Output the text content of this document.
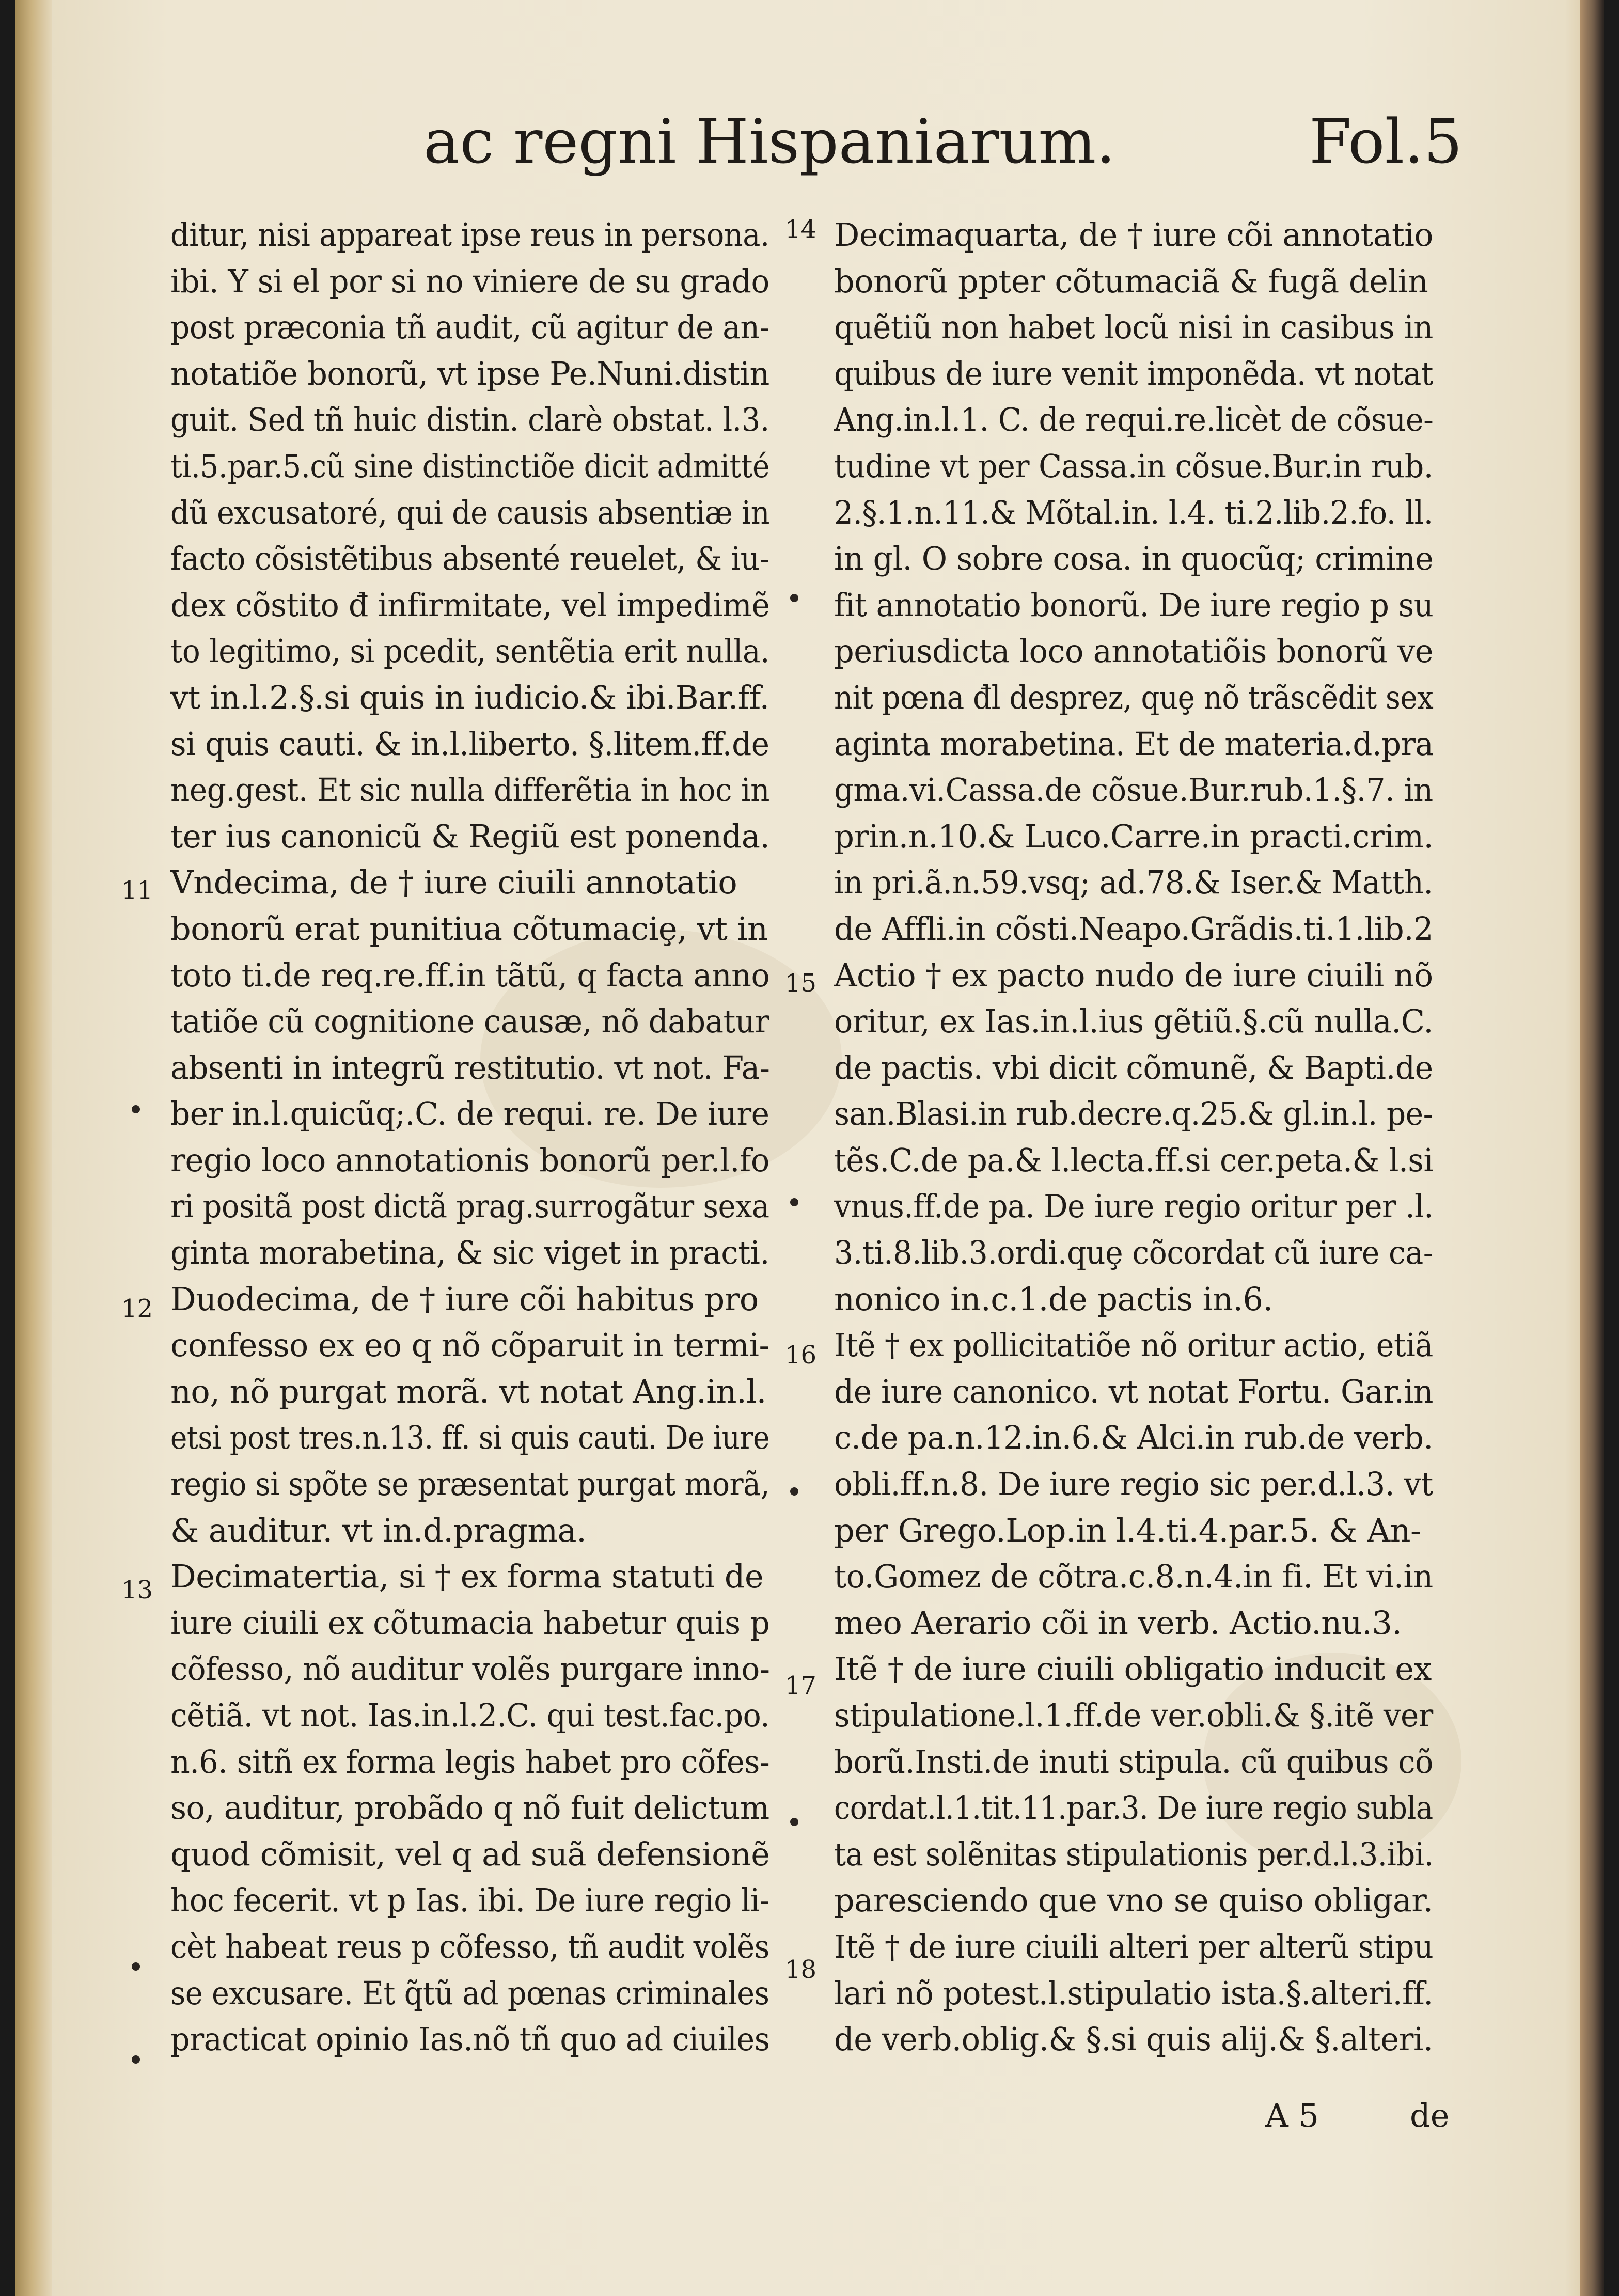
ac regni Hispaniarum.	Fol.5
ditur, nisi appareat ipse reus in persona.
ibi. Y si el por si no viniere de su grado
post præconia tñ audit, cũ agitur de an-
notatiõe bonorũ, vt ipse Pe.Nuni.distin
guit. Sed tñ huic distin. clarè obstat. l.3.
ti.5.par.5.cũ sine distinctiõe dicit admitté
dũ excusatoré, qui de causis absentiæ in
facto cõsistẽtibus absenté reuelet, & iu-
dex cõstito đ infirmitate, vel impedimẽ
to legitimo, si pcedit, sentẽtia erit nulla.
vt in.l.2.§.si quis in iudicio.& ibi.Bar.ff.
si quis cauti. & in.l.liberto. §.litem.ff.de
neg.gest. Et sic nulla differẽtia in hoc in
ter ius canonicũ & Regiũ est ponenda.
Vndecima, de † iure ciuili annotatio
bonorũ erat punitiua cõtumaciȩ, vt in
toto ti.de req.re.ff.in tãtũ, q facta anno
tatiõe cũ cognitione causæ, nõ dabatur
absenti in integrũ restitutio. vt not. Fa-
ber in.l.quicũq;.C. de requi. re. De iure
regio loco annotationis bonorũ per.l.fo
ri positã post dictã prag.surrogãtur sexa
ginta morabetina, & sic viget in practi.
Duodecima, de † iure cõi habitus pro
confesso ex eo q nõ cõparuit in termi-
no, nõ purgat morã. vt notat Ang.in.l.
etsi post tres.n.13. ff. si quis cauti. De iure
regio si spõte se præsentat purgat morã,
& auditur. vt in.d.pragma.
Decimatertia, si † ex forma statuti de
iure ciuili ex cõtumacia habetur quis p
cõfesso, nõ auditur volẽs purgare inno-
cẽtiã. vt not. Ias.in.l.2.C. qui test.fac.po.
n.6. sitñ ex forma legis habet pro cõfes-
so, auditur, probãdo q nõ fuit delictum
quod cõmisit, vel q ad suã defensionẽ
hoc fecerit. vt p Ias. ibi. De iure regio li-
cèt habeat reus p cõfesso, tñ audit volẽs
se excusare. Et q̃tũ ad pœnas criminales
practicat opinio Ias.nõ tñ quo ad ciuiles
Decimaquarta, de † iure cõi annotatio
bonorũ ppter cõtumaciã & fugã delin
quẽtiũ non habet locũ nisi in casibus in
quibus de iure venit imponẽda. vt notat
Ang.in.l.1. C. de requi.re.licèt de cõsue-
tudine vt per Cassa.in cõsue.Bur.in rub.
2.§.1.n.11.& Mõtal.in. l.4. ti.2.lib.2.fo. ll.
in gl. O sobre cosa. in quocũq; crimine
fit annotatio bonorũ. De iure regio p su
periusdicta loco annotatiõis bonorũ ve
nit pœna đl desprez, quȩ nõ trãscẽdit sex
aginta morabetina. Et de materia.d.pra
gma.vi.Cassa.de cõsue.Bur.rub.1.§.7. in
prin.n.10.& Luco.Carre.in practi.crim.
in pri.ã.n.59.vsq; ad.78.& Iser.& Matth.
de Affli.in cõsti.Neapo.Grãdis.ti.1.lib.2
Actio † ex pacto nudo de iure ciuili nõ
oritur, ex Ias.in.l.ius gẽtiũ.§.cũ nulla.C.
de pactis. vbi dicit cõmunẽ, & Bapti.de
san.Blasi.in rub.decre.q.25.& gl.in.l. pe-
tẽs.C.de pa.& l.lecta.ff.si cer.peta.& l.si
vnus.ff.de pa. De iure regio oritur per .l.
3.ti.8.lib.3.ordi.quȩ cõcordat cũ iure ca-
nonico in.c.1.de pactis in.6.
Itẽ † ex pollicitatiõe nõ oritur actio, etiã
de iure canonico. vt notat Fortu. Gar.in
c.de pa.n.12.in.6.& Alci.in rub.de verb.
obli.ff.n.8. De iure regio sic per.d.l.3. vt
per Grego.Lop.in l.4.ti.4.par.5. & An-
to.Gomez de cõtra.c.8.n.4.in fi. Et vi.in
meo Aerario cõi in verb. Actio.nu.3.
Itẽ † de iure ciuili obligatio inducit ex
stipulatione.l.1.ff.de ver.obli.& §.itẽ ver
borũ.Insti.de inuti stipula. cũ quibus cõ
cordat.l.1.tit.11.par.3. De iure regio subla
ta est solẽnitas stipulationis per.d.l.3.ibi.
paresciendo que vno se quiso obligar.
Itẽ † de iure ciuili alteri per alterũ stipu
lari nõ potest.l.stipulatio ista.§.alteri.ff.
de verb.oblig.& §.si quis alij.& §.alteri.
11
12
13
14
15
16
17
18
A 5	de
